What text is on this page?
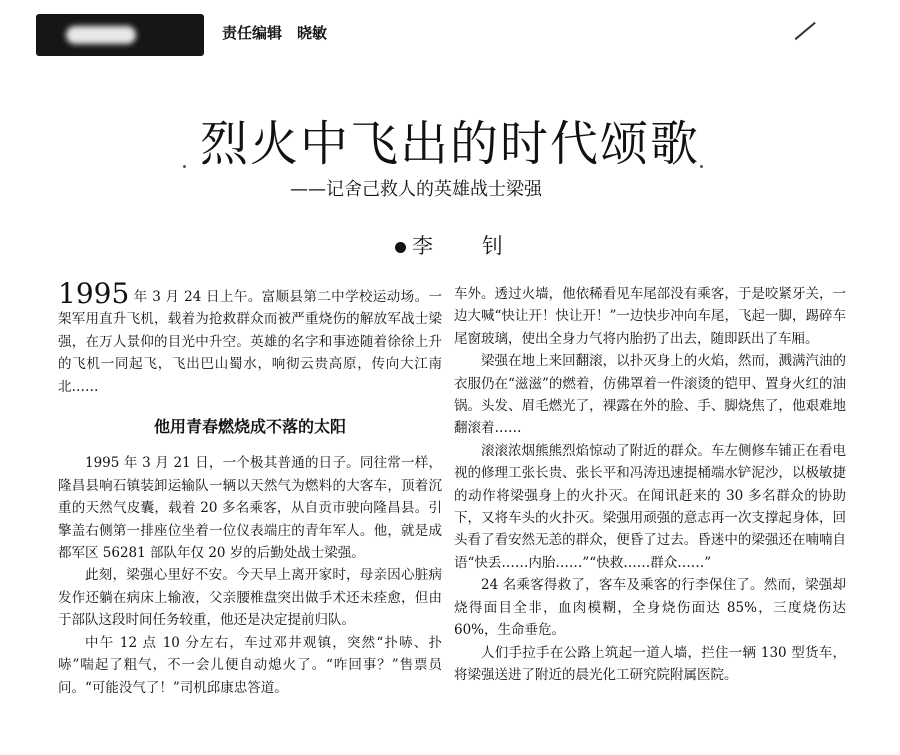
责任编辑　晓敏
烈火中飞出的时代颂歌
——记舍己救人的英雄战士梁强
李　钊

1995 年 3 月 24 日上午。富顺县第二中学校运动场。一架军用直升飞机，载着为抢救群众而被严重烧伤的解放军战士梁强，在万人景仰的目光中升空。英雄的名字和事迹随着徐徐上升的飞机一同起飞，飞出巴山蜀水，响彻云贵高原，传向大江南北……

他用青春燃烧成不落的太阳

1995 年 3 月 21 日，一个极其普通的日子。同往常一样，隆昌县响石镇装卸运输队一辆以天然气为燃料的大客车，顶着沉重的天然气皮囊，载着 20 多名乘客，从自贡市驶向隆昌县。引擎盖右侧第一排座位坐着一位仪表端庄的青年军人。他，就是成都军区 56281 部队年仅 20 岁的后勤处战士梁强。

此刻，梁强心里好不安。今天早上离开家时，母亲因心脏病发作还躺在病床上输液，父亲腰椎盘突出做手术还未痊愈，但由于部队这段时间任务较重，他还是决定提前归队。

中午 12 点 10 分左右，车过邓井观镇，突然“扑哧、扑哧”喘起了粗气，不一会儿便自动熄火了。“咋回事？”售票员问。“可能没气了！”司机邱康忠答道。

车外。透过火墙，他依稀看见车尾部没有乘客，于是咬紧牙关，一边大喊“快让开！快让开！”一边快步冲向车尾，飞起一脚，踢碎车尾窗玻璃，使出全身力气将内胎扔了出去，随即跃出了车厢。

梁强在地上来回翻滚，以扑灭身上的火焰，然而，溅满汽油的衣服仍在“滋滋”的燃着，仿佛罩着一件滚烫的铠甲、置身火红的油锅。头发、眉毛燃光了，裸露在外的脸、手、脚烧焦了，他艰难地翻滚着……

滚滚浓烟熊熊烈焰惊动了附近的群众。车左侧修车铺正在看电视的修理工张长贵、张长平和冯涛迅速提桶端水铲泥沙，以极敏捷的动作将梁强身上的火扑灭。在闻讯赶来的 30 多名群众的协助下，又将车头的火扑灭。梁强用顽强的意志再一次支撑起身体，回头看了看安然无恙的群众，便昏了过去。昏迷中的梁强还在喃喃自语“快丢……内胎……”“快救……群众……”

24 名乘客得救了，客车及乘客的行李保住了。然而，梁强却烧得面目全非，血肉模糊，全身烧伤面达 85%，三度烧伤达 60%，生命垂危。

人们手拉手在公路上筑起一道人墙，拦住一辆 130 型货车，将梁强送进了附近的晨光化工研究院附属医院。
